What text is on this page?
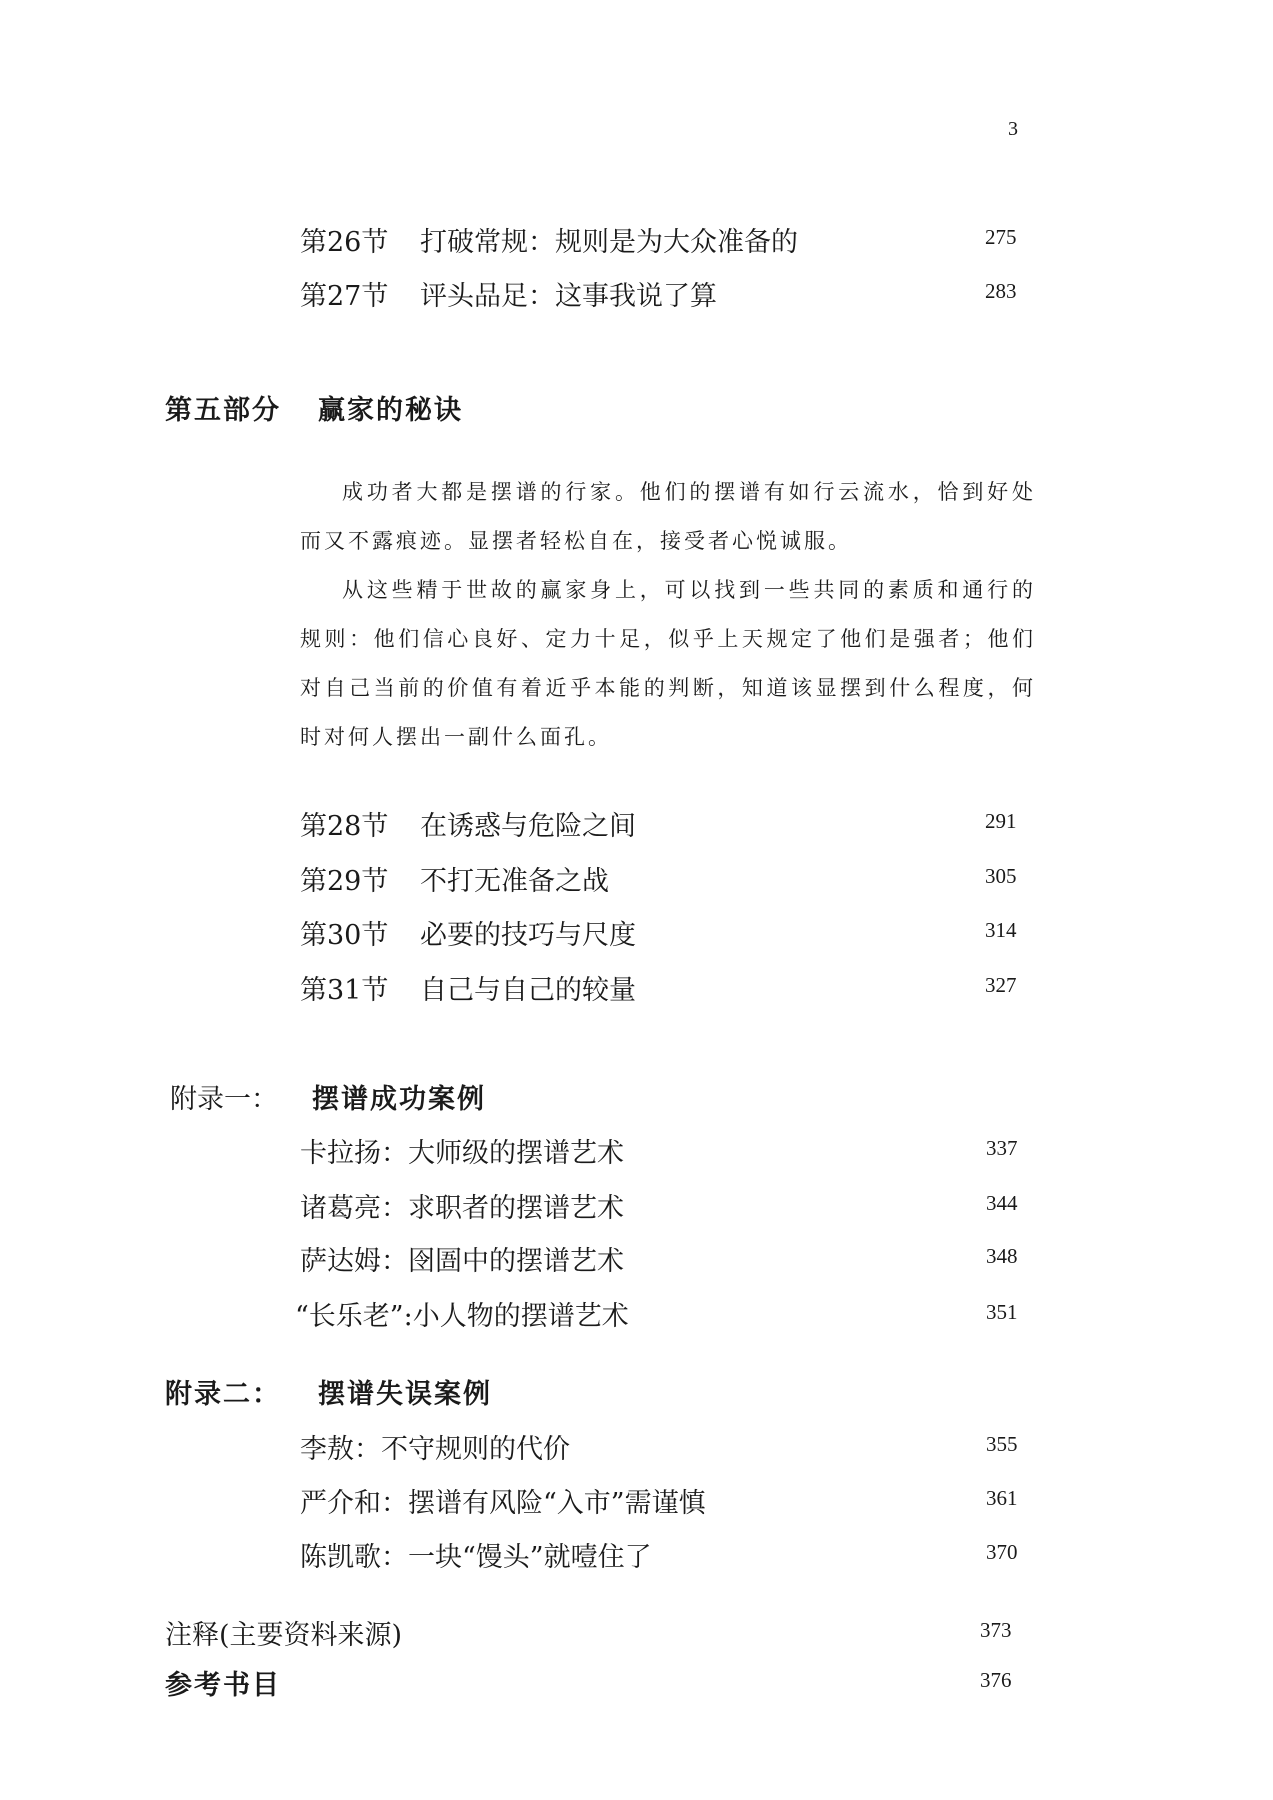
3
第26节 打破常规：规则是为大众准备的	275
第27节 评头品足：这事我说了算	283
第五部分 赢家的秘诀

成功者大都是摆谱的行家。他们的摆谱有如行云流水，恰到好处而又不露痕迹。显摆者轻松自在，接受者心悦诚服。

从这些精于世故的赢家身上，可以找到一些共同的素质和通行的规则：他们信心良好、定力十足，似乎上天规定了他们是强者；他们对自己当前的价值有着近乎本能的判断，知道该显摆到什么程度，何时对何人摆出一副什么面孔。

第28节 在诱惑与危险之间	291
第29节 不打无准备之战	305
第30节 必要的技巧与尺度	314
第31节 自己与自己的较量	327
附录一： 摆谱成功案例
卡拉扬：大师级的摆谱艺术	337
诸葛亮：求职者的摆谱艺术	344
萨达姆：囹圄中的摆谱艺术	348
“长乐老”:小人物的摆谱艺术	351
附录二： 摆谱失误案例
李敖：不守规则的代价	355
严介和：摆谱有风险“入市”需谨慎	361
陈凯歌：一块“馒头”就噎住了	370
注释(主要资料来源)	373
参考书目	376
